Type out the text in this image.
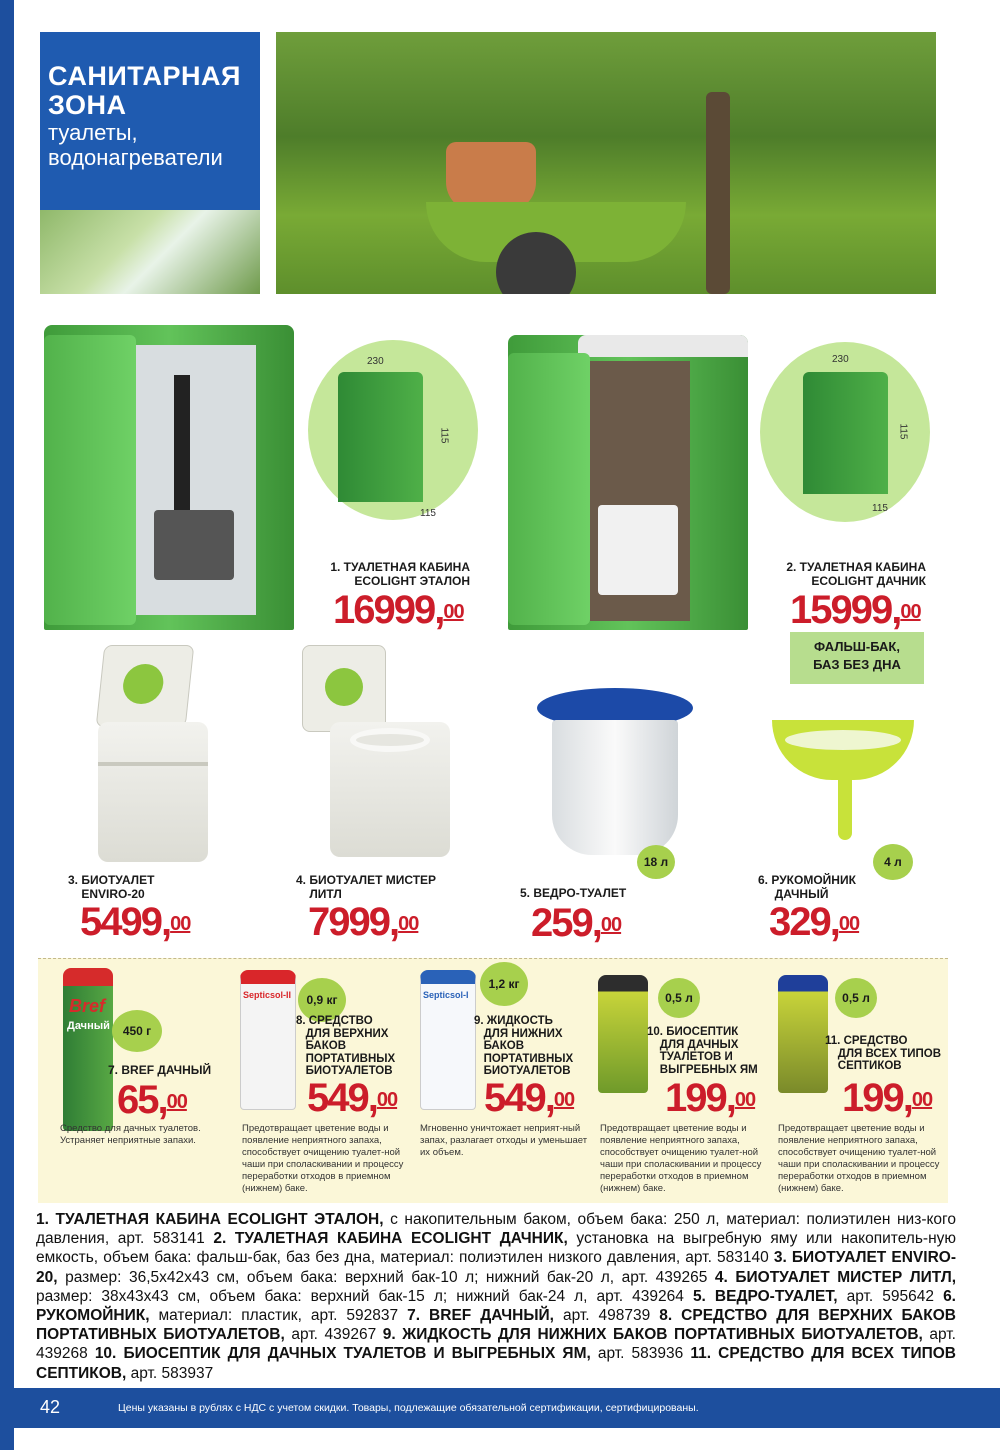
САНИТАРНАЯ
ЗОНА
туалеты,
водонагреватели
230
115
115
1. ТУАЛЕТНАЯ КАБИНА
ECOLIGHT ЭТАЛОН
16999,00
230
115
115
2. ТУАЛЕТНАЯ КАБИНА
ECOLIGHT ДАЧНИК
15999,00
ФАЛЬШ-БАК,
БАЗ БЕЗ ДНА
3. БИОТУАЛЕТ
ENVIRO-20
5499,00
4. БИОТУАЛЕТ МИСТЕР
ЛИТЛ
7999,00
18 л
5. ВЕДРО-ТУАЛЕТ
259,00
4 л
6. РУКОМОЙНИК
ДАЧНЫЙ
329,00
Bref
Дачный	450 г
7. BREF ДАЧНЫЙ
65,00
Средство для дачных туалетов. Устраняет неприятные запахи.
Septicsol-II	0,9 кг
8. СРЕДСТВО
ДЛЯ ВЕРХНИХ
БАКОВ
ПОРТАТИВНЫХ
БИОТУАЛЕТОВ
549,00
Предотвращает цветение воды и появление неприятного запаха, способствует очищению туалет-ной чаши при споласкивании и процессу переработки отходов в приемном (нижнем) баке.
Septicsol-I
1,2 кг
9. ЖИДКОСТЬ
ДЛЯ НИЖНИХ
БАКОВ
ПОРТАТИВНЫХ
БИОТУАЛЕТОВ
549,00
Мгновенно уничтожает неприят-ный запах, разлагает отходы и уменьшает их объем.
0,5 л
10. БИОСЕПТИК
ДЛЯ ДАЧНЫХ
ТУАЛЕТОВ И
ВЫГРЕБНЫХ ЯМ
199,00
Предотвращает цветение воды и появление неприятного запаха, способствует очищению туалет-ной чаши при споласкивании и процессу переработки отходов в приемном (нижнем) баке.
0,5 л
11. СРЕДСТВО
ДЛЯ ВСЕХ ТИПОВ
СЕПТИКОВ
199,00
Предотвращает цветение воды и появление неприятного запаха, способствует очищению туалет-ной чаши при споласкивании и процессу переработки отходов в приемном (нижнем) баке.
1. ТУАЛЕТНАЯ КАБИНА ECOLIGHT ЭТАЛОН, с накопительным баком, объем бака: 250 л, материал: полиэтилен низ-кого давления, арт. 583141 2. ТУАЛЕТНАЯ КАБИНА ECOLIGHT ДАЧНИК, установка на выгребную яму или накопитель-ную емкость, объем бака: фальш-бак, баз без дна, материал: полиэтилен низкого давления, арт. 583140 3. БИОТУАЛЕТ ENVIRO-20, размер: 36,5x42x43 см, объем бака: верхний бак-10 л; нижний бак-20 л, арт. 439265 4. БИОТУАЛЕТ МИСТЕР ЛИТЛ, размер: 38x43x43 см, объем бака: верхний бак-15 л; нижний бак-24 л, арт. 439264 5. ВЕДРО-ТУАЛЕТ, арт. 595642 6. РУКОМОЙНИК, материал: пластик, арт. 592837 7. BREF ДАЧНЫЙ, арт. 498739 8. СРЕДСТВО ДЛЯ ВЕРХНИХ БАКОВ ПОРТАТИВНЫХ БИОТУАЛЕТОВ, арт. 439267 9. ЖИДКОСТЬ ДЛЯ НИЖНИХ БАКОВ ПОРТАТИВНЫХ БИОТУАЛЕТОВ, арт. 439268 10. БИОСЕПТИК ДЛЯ ДАЧНЫХ ТУАЛЕТОВ И ВЫГРЕБНЫХ ЯМ, арт. 583936 11. СРЕДСТВО ДЛЯ ВСЕХ ТИПОВ СЕПТИКОВ, арт. 583937
42	Цены указаны в рублях с НДС с учетом скидки. Товары, подлежащие обязательной сертификации, сертифицированы.
